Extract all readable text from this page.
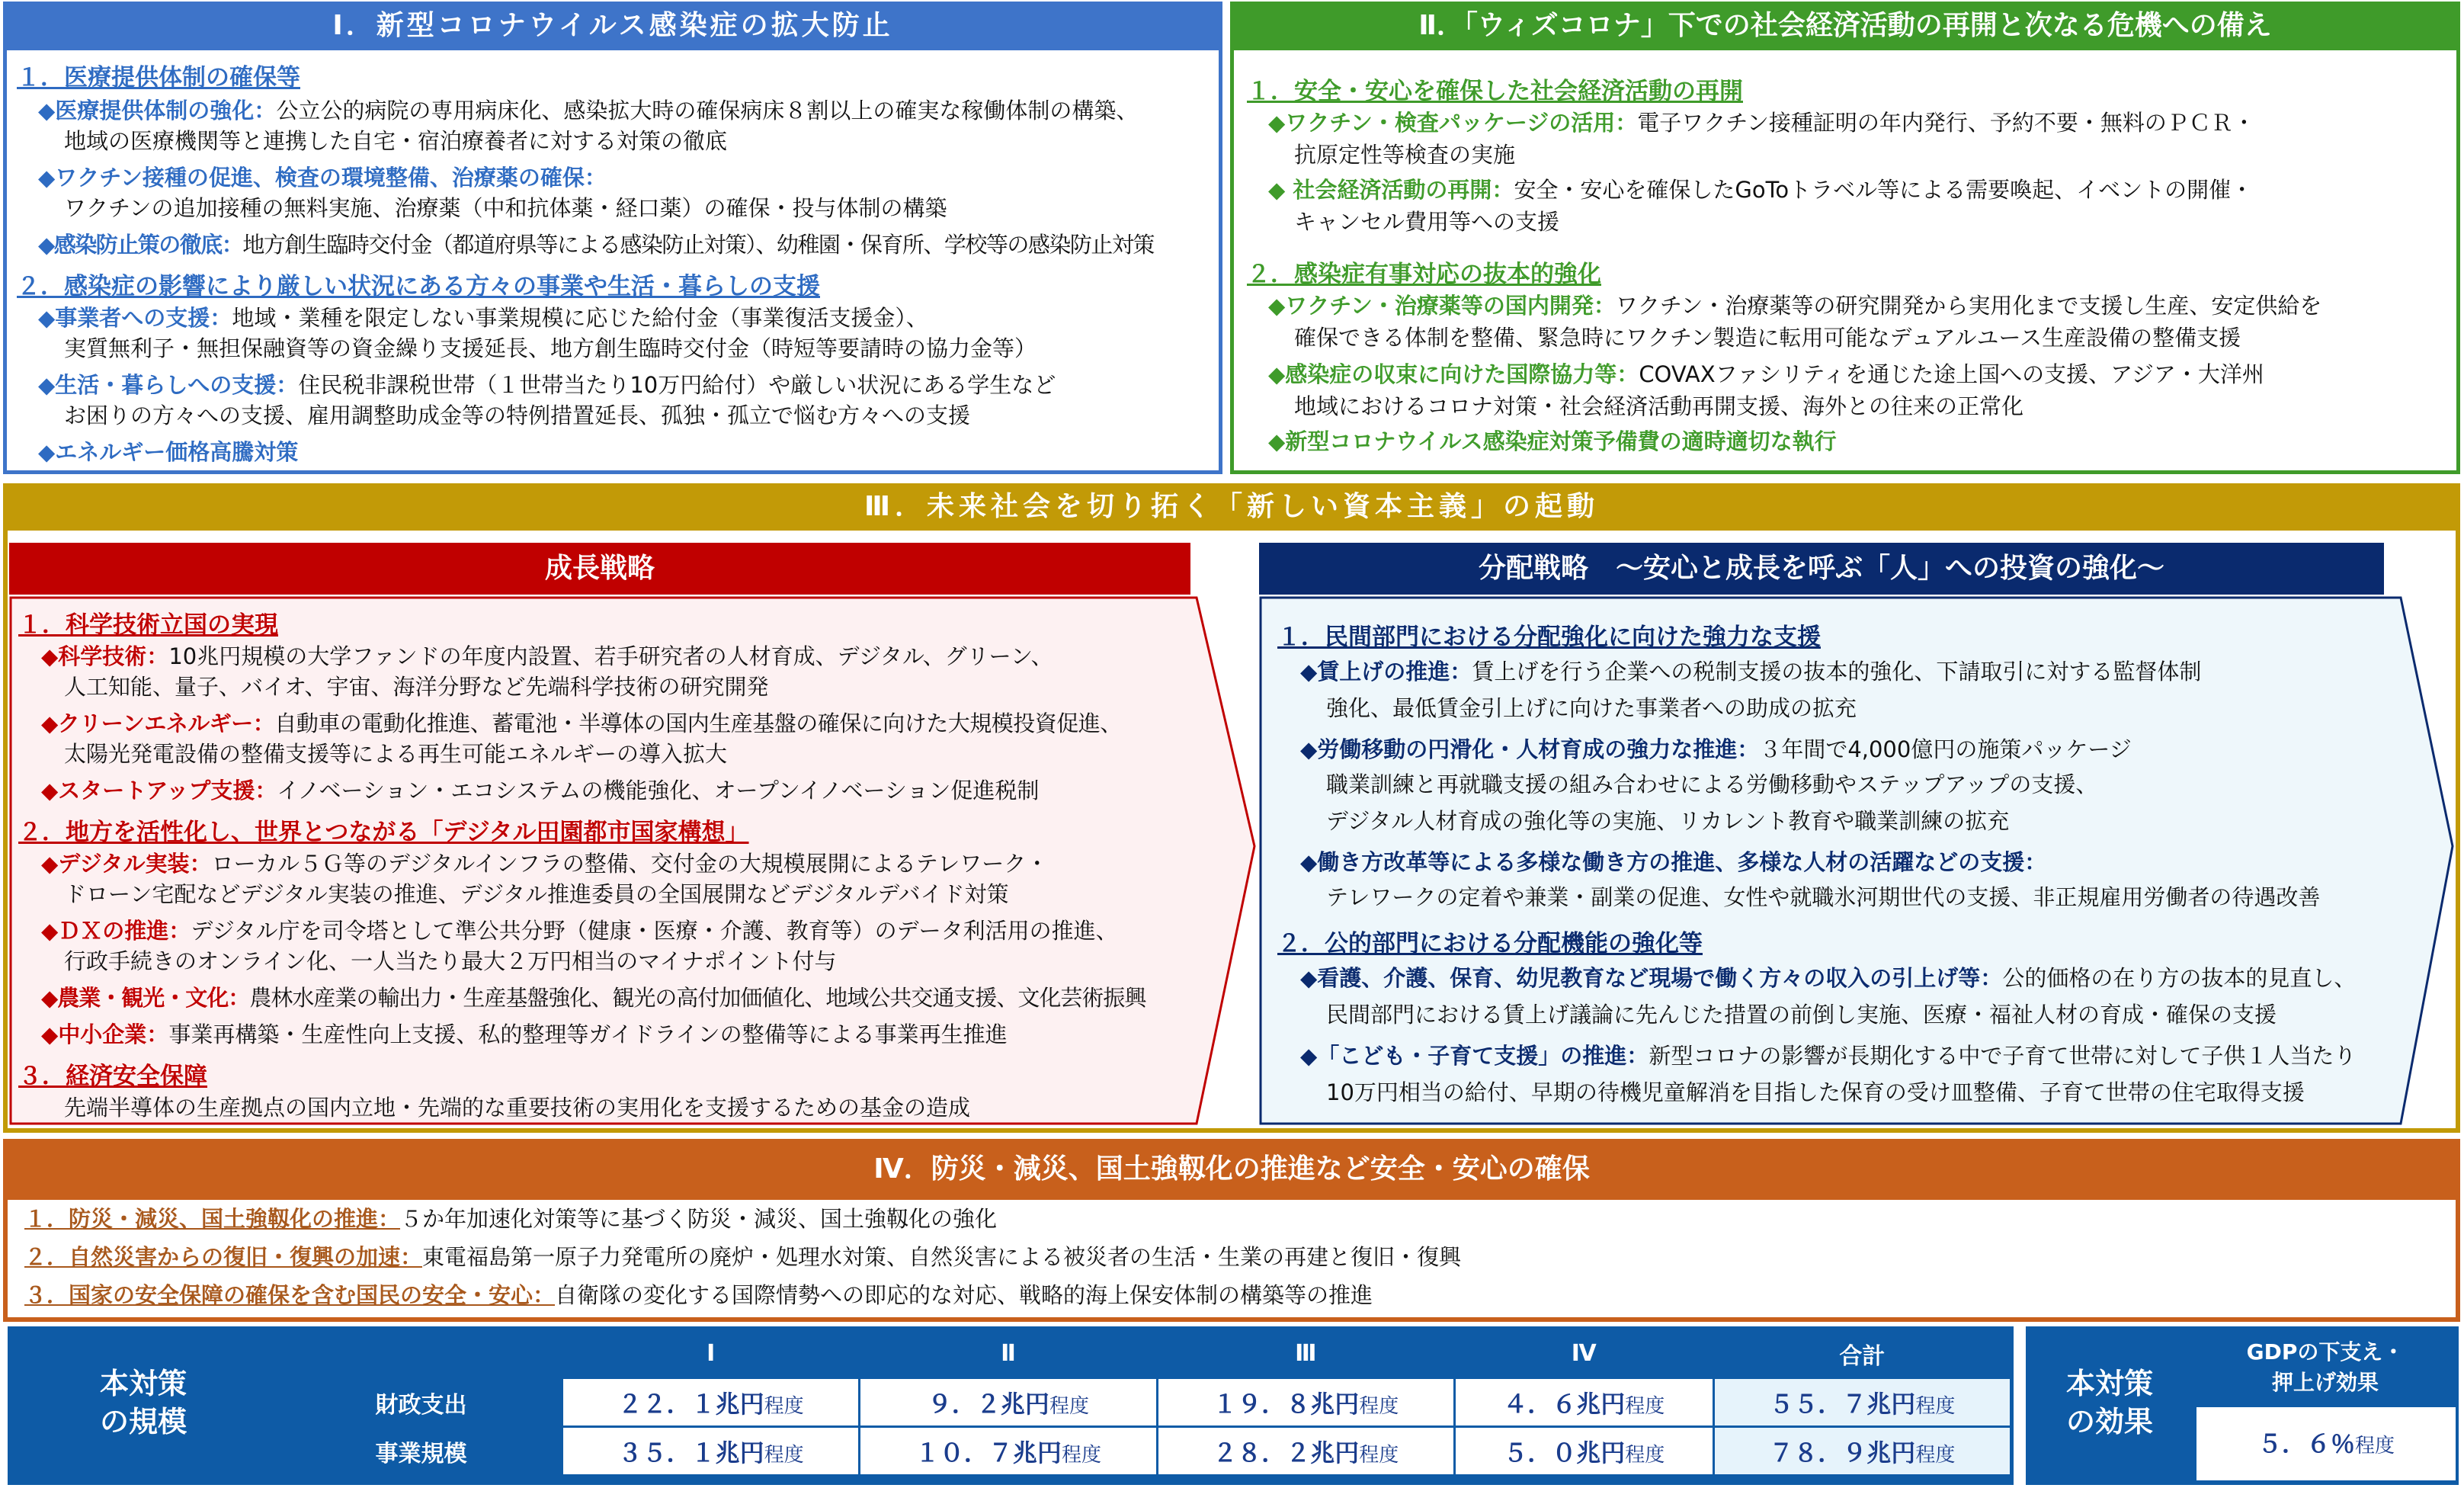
Ⅰ．新型コロナウイルス感染症の拡大防止
１．医療提供体制の確保等
◆医療提供体制の強化：公立公的病院の専用病床化、感染拡大時の確保病床８割以上の確実な稼働体制の構築、
地域の医療機関等と連携した自宅・宿泊療養者に対する対策の徹底
◆ワクチン接種の促進、検査の環境整備、治療薬の確保：
ワクチンの追加接種の無料実施、治療薬（中和抗体薬・経口薬）の確保・投与体制の構築
◆感染防止策の徹底：地方創生臨時交付金（都道府県等による感染防止対策）、幼稚園・保育所、学校等の感染防止対策
２．感染症の影響により厳しい状況にある方々の事業や生活・暮らしの支援
◆事業者への支援：地域・業種を限定しない事業規模に応じた給付金（事業復活支援金）、
実質無利子・無担保融資等の資金繰り支援延長、地方創生臨時交付金（時短等要請時の協力金等）
◆生活・暮らしへの支援：住民税非課税世帯（１世帯当たり10万円給付）や厳しい状況にある学生など
お困りの方々への支援、雇用調整助成金等の特例措置延長、孤独・孤立で悩む方々への支援
◆エネルギー価格高騰対策
Ⅱ．「ウィズコロナ」下での社会経済活動の再開と次なる危機への備え
１．安全・安心を確保した社会経済活動の再開
◆ワクチン・検査パッケージの活用：電子ワクチン接種証明の年内発行、予約不要・無料のＰＣＲ・
抗原定性等検査の実施
◆ 社会経済活動の再開：安全・安心を確保したGoToトラベル等による需要喚起、イベントの開催・
キャンセル費用等への支援
２．感染症有事対応の抜本的強化
◆ワクチン・治療薬等の国内開発：ワクチン・治療薬等の研究開発から実用化まで支援し生産、安定供給を
確保できる体制を整備、緊急時にワクチン製造に転用可能なデュアルユース生産設備の整備支援
◆感染症の収束に向けた国際協力等：COVAXファシリティを通じた途上国への支援、アジア・大洋州
地域におけるコロナ対策・社会経済活動再開支援、海外との往来の正常化
◆新型コロナウイルス感染症対策予備費の適時適切な執行
Ⅲ．未来社会を切り拓く「新しい資本主義」の起動
成長戦略	分配戦略　～安心と成長を呼ぶ「人」への投資の強化～
１．科学技術立国の実現
◆科学技術：10兆円規模の大学ファンドの年度内設置、若手研究者の人材育成、デジタル、グリーン、
人工知能、量子、バイオ、宇宙、海洋分野など先端科学技術の研究開発
◆クリーンエネルギー：自動車の電動化推進、蓄電池・半導体の国内生産基盤の確保に向けた大規模投資促進、
太陽光発電設備の整備支援等による再生可能エネルギーの導入拡大
◆スタートアップ支援：イノベーション・エコシステムの機能強化、オープンイノベーション促進税制
２．地方を活性化し、世界とつながる「デジタル田園都市国家構想」
◆デジタル実装：ローカル５Ｇ等のデジタルインフラの整備、交付金の大規模展開によるテレワーク・
ドローン宅配などデジタル実装の推進、デジタル推進委員の全国展開などデジタルデバイド対策
◆ＤＸの推進：デジタル庁を司令塔として準公共分野（健康・医療・介護、教育等）のデータ利活用の推進、
行政手続きのオンライン化、一人当たり最大２万円相当のマイナポイント付与
◆農業・観光・文化：農林水産業の輸出力・生産基盤強化、観光の高付加価値化、地域公共交通支援、文化芸術振興
◆中小企業：事業再構築・生産性向上支援、私的整理等ガイドラインの整備等による事業再生推進
３．経済安全保障
先端半導体の生産拠点の国内立地・先端的な重要技術の実用化を支援するための基金の造成
１．民間部門における分配強化に向けた強力な支援
◆賃上げの推進：賃上げを行う企業への税制支援の抜本的強化、下請取引に対する監督体制
強化、最低賃金引上げに向けた事業者への助成の拡充
◆労働移動の円滑化・人材育成の強力な推進：３年間で4,000億円の施策パッケージ
職業訓練と再就職支援の組み合わせによる労働移動やステップアップの支援、
デジタル人材育成の強化等の実施、リカレント教育や職業訓練の拡充
◆働き方改革等による多様な働き方の推進、多様な人材の活躍などの支援：
テレワークの定着や兼業・副業の促進、女性や就職氷河期世代の支援、非正規雇用労働者の待遇改善
２．公的部門における分配機能の強化等
◆看護、介護、保育、幼児教育など現場で働く方々の収入の引上げ等：公的価格の在り方の抜本的見直し、
民間部門における賃上げ議論に先んじた措置の前倒し実施、医療・福祉人材の育成・確保の支援
◆「こども・子育て支援」の推進：新型コロナの影響が長期化する中で子育て世帯に対して子供１人当たり
10万円相当の給付、早期の待機児童解消を目指した保育の受け皿整備、子育て世帯の住宅取得支援
Ⅳ．防災・減災、国土強靱化の推進など安全・安心の確保
１．防災・減災、国土強靱化の推進：５か年加速化対策等に基づく防災・減災、国土強靱化の強化
２．自然災害からの復旧・復興の加速：東電福島第一原子力発電所の廃炉・処理水対策、自然災害による被災者の生活・生業の再建と復旧・復興
３．国家の安全保障の確保を含む国民の安全・安心：自衛隊の変化する国際情勢への即応的な対応、戦略的海上保安体制の構築等の推進
本対策
の規模
	Ⅰ	Ⅱ	Ⅲ	Ⅳ	合計
財政支出	２２．１兆円程度	９．２兆円程度	１９．８兆円程度	４．６兆円程度	５５．７兆円程度
事業規模	３５．１兆円程度	１０．７兆円程度	２８．２兆円程度	５．０兆円程度	７８．９兆円程度
本対策
の効果
GDPの下支え・
押上げ効果
５．６％程度
